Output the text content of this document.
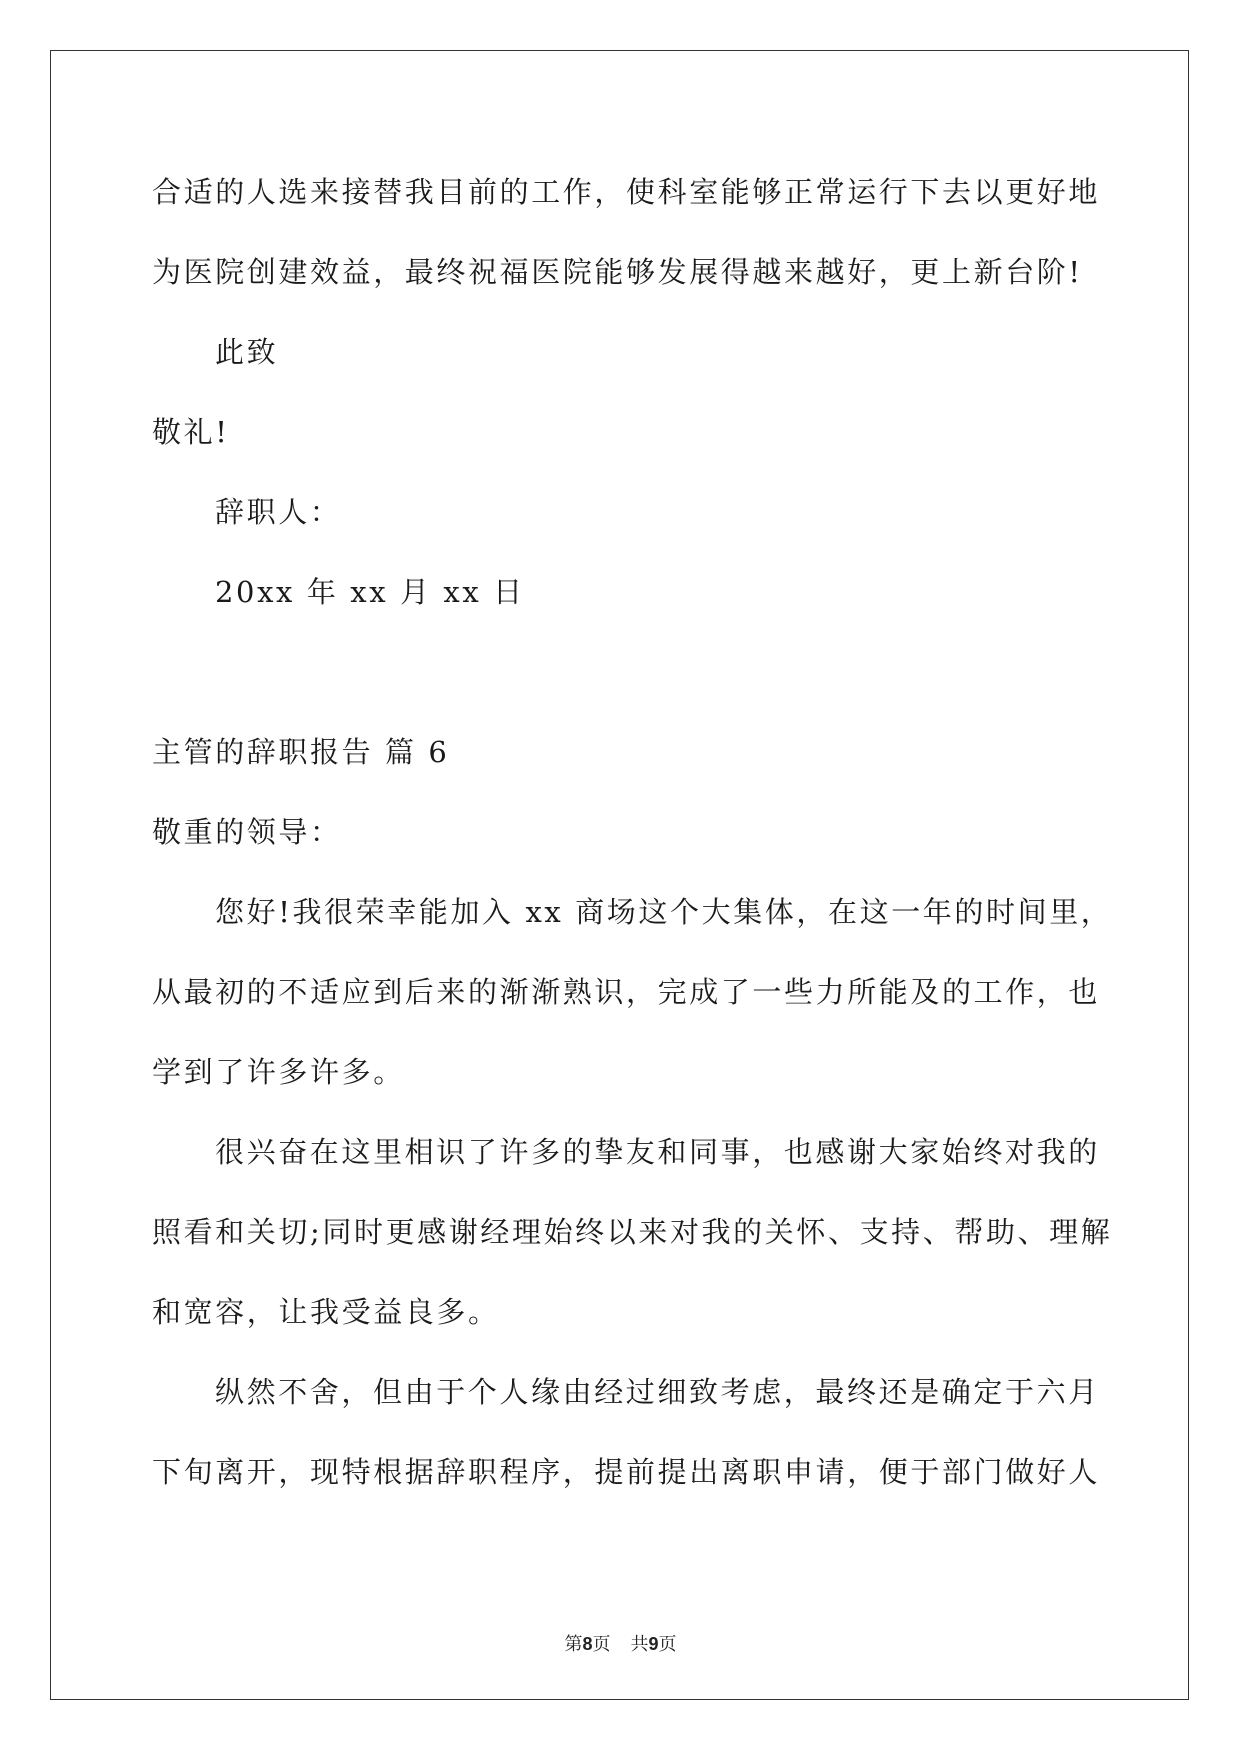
合适的人选来接替我目前的工作，使科室能够正常运行下去以更好地
为医院创建效益，最终祝福医院能够发展得越来越好，更上新台阶!
此致
敬礼!
辞职人：
20xx 年 xx 月 xx 日
主管的辞职报告 篇 6
敬重的领导：
您好!我很荣幸能加入 xx 商场这个大集体，在这一年的时间里，
从最初的不适应到后来的渐渐熟识，完成了一些力所能及的工作，也
学到了许多许多。
很兴奋在这里相识了许多的挚友和同事，也感谢大家始终对我的
照看和关切;同时更感谢经理始终以来对我的关怀、支持、帮助、理解
和宽容，让我受益良多。
纵然不舍，但由于个人缘由经过细致考虑，最终还是确定于六月
下旬离开，现特根据辞职程序，提前提出离职申请，便于部门做好人
第8页 共9页
